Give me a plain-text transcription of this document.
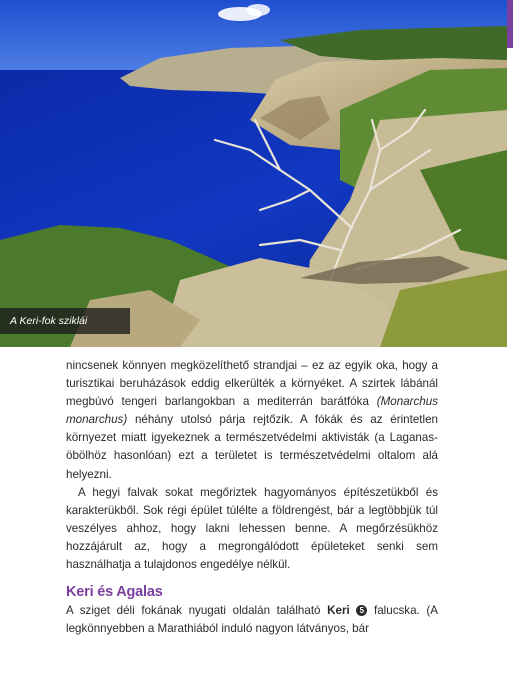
A Keri-fok sziklái

nincsenek könnyen megközelíthető strandjai – ez az egyik oka, hogy a turisztikai beruházások eddig elkerülték a környéket. A szirtek lábánál megbúvó tengeri barlangokban a mediterrán barátfóka (Monarchus monarchus) néhány utolsó párja rejtőzik. A fókák és az érintetlen környezet miatt igyekeznek a természetvédelmi aktivisták (a Laganas-öbölhöz hasonlóan) ezt a területet is természetvédelmi oltalom alá helyezni.

A hegyi falvak sokat megőriztek hagyományos építészetükből és karakterükből. Sok régi épület túlélte a földrengést, bár a legtöbbjük túl veszélyes ahhoz, hogy lakni lehessen benne. A megőrzésükhöz hozzájárult az, hogy a megrongálódott épületeket senki sem használhatja a tulajdonos engedélye nélkül.

Keri és Agalas

A sziget déli fokának nyugati oldalán található Keri 5 falucska. (A legkönnyebben a Marathiából induló nagyon látványos, bár
